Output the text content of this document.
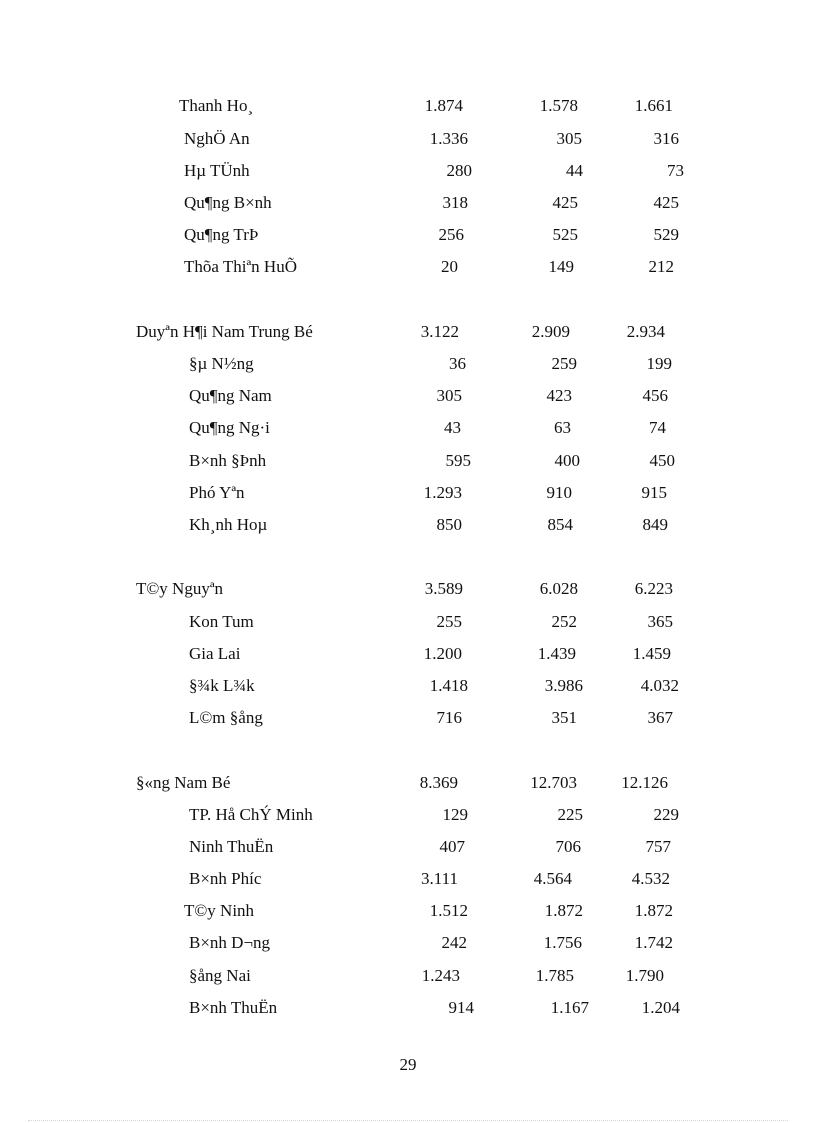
Thanh Ho¸	1.874	1.578	1.661
NghÖ An	1.336	305	316
Hµ TÜnh	280	44	73
Qu¶ng B×nh	318	425	425
Qu¶ng TrÞ	256	525	529
Thõa Thiªn HuÕ	20	149	212
Duyªn H¶i Nam Trung Bé	3.122	2.909	2.934
§µ N½ng	36	259	199
Qu¶ng Nam	305	423	456
Qu¶ng Ng·i	43	63	74
B×nh §Þnh	595	400	450
Phó Yªn	1.293	910	915
Kh¸nh Hoµ	850	854	849
T©y Nguyªn	3.589	6.028	6.223
Kon Tum	255	252	365
Gia Lai	1.200	1.439	1.459
§¾k L¾k	1.418	3.986	4.032
L©m §ång	716	351	367
§«ng Nam Bé	8.369	12.703	12.126
TP. Hå ChÝ Minh	129	225	229
Ninh ThuËn	407	706	757
B×nh Phíc	3.111	4.564	4.532
T©y Ninh	1.512	1.872	1.872
B×nh D¬ng	242	1.756	1.742
§ång Nai	1.243	1.785	1.790
B×nh ThuËn	914	1.167	1.204
29
